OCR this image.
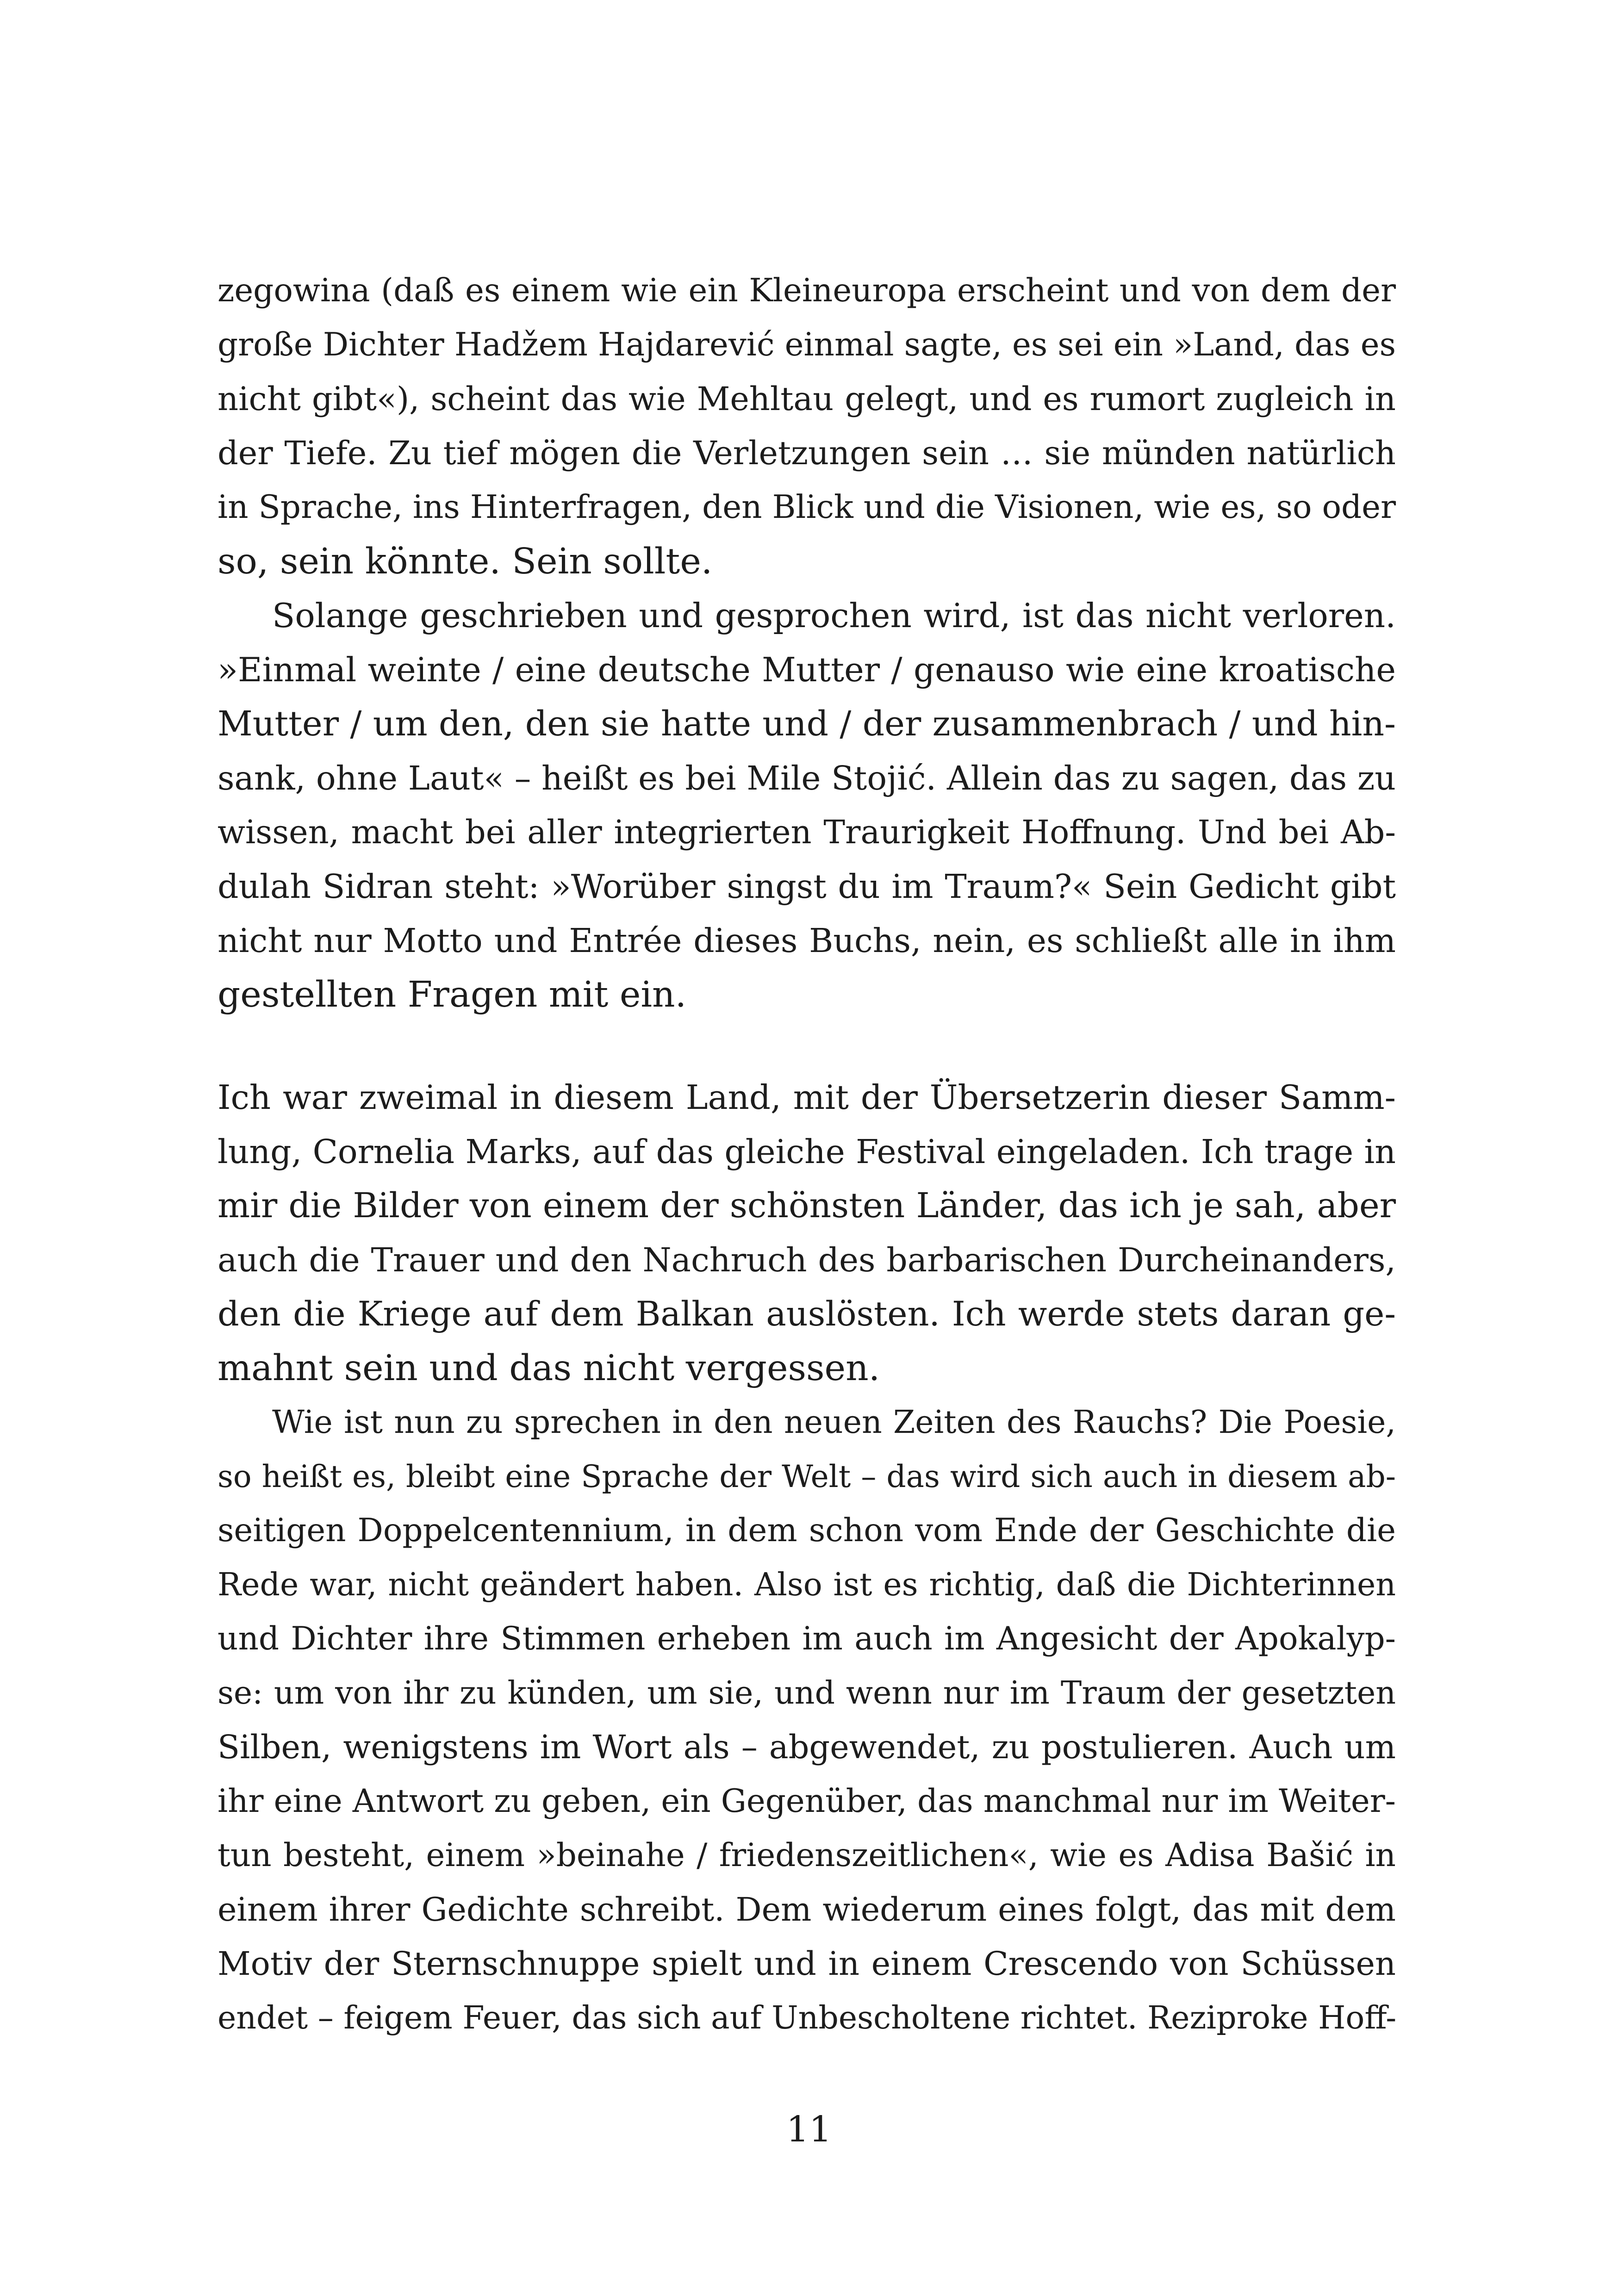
zegowina (daß es einem wie ein Kleineuropa erscheint und von dem der
große Dichter Hadžem Hajdarević einmal sagte, es sei ein »Land, das es
nicht gibt«), scheint das wie Mehltau gelegt, und es rumort zugleich in
der Tiefe. Zu tief mögen die Verletzungen sein … sie münden natürlich
in Sprache, ins Hinterfragen, den Blick und die Visionen, wie es, so oder
so, sein könnte. Sein sollte.
Solange geschrieben und gesprochen wird, ist das nicht verloren.
»Einmal weinte / eine deutsche Mutter / genauso wie eine kroatische
Mutter / um den, den sie hatte und / der zusammenbrach / und hin-
sank, ohne Laut« – heißt es bei Mile Stojić. Allein das zu sagen, das zu
wissen, macht bei aller integrierten Traurigkeit Hoffnung. Und bei Ab-
dulah Sidran steht: »Worüber singst du im Traum?« Sein Gedicht gibt
nicht nur Motto und Entrée dieses Buchs, nein, es schließt alle in ihm
gestellten Fragen mit ein.
Ich war zweimal in diesem Land, mit der Übersetzerin dieser Samm-
lung, Cornelia Marks, auf das gleiche Festival eingeladen. Ich trage in
mir die Bilder von einem der schönsten Länder, das ich je sah, aber
auch die Trauer und den Nachruch des barbarischen Durcheinanders,
den die Kriege auf dem Balkan auslösten. Ich werde stets daran ge-
mahnt sein und das nicht vergessen.
Wie ist nun zu sprechen in den neuen Zeiten des Rauchs? Die Poesie,
so heißt es, bleibt eine Sprache der Welt – das wird sich auch in diesem ab-
seitigen Doppelcentennium, in dem schon vom Ende der Geschichte die
Rede war, nicht geändert haben. Also ist es richtig, daß die Dichterinnen
und Dichter ihre Stimmen erheben im auch im Angesicht der Apokalyp-
se: um von ihr zu künden, um sie, und wenn nur im Traum der gesetzten
Silben, wenigstens im Wort als – abgewendet, zu postulieren. Auch um
ihr eine Antwort zu geben, ein Gegenüber, das manchmal nur im Weiter-
tun besteht, einem »beinahe / friedenszeitlichen«, wie es Adisa Bašić in
einem ihrer Gedichte schreibt. Dem wiederum eines folgt, das mit dem
Motiv der Sternschnuppe spielt und in einem Crescendo von Schüssen
endet – feigem Feuer, das sich auf Unbescholtene richtet. Reziproke Hoff-
11
